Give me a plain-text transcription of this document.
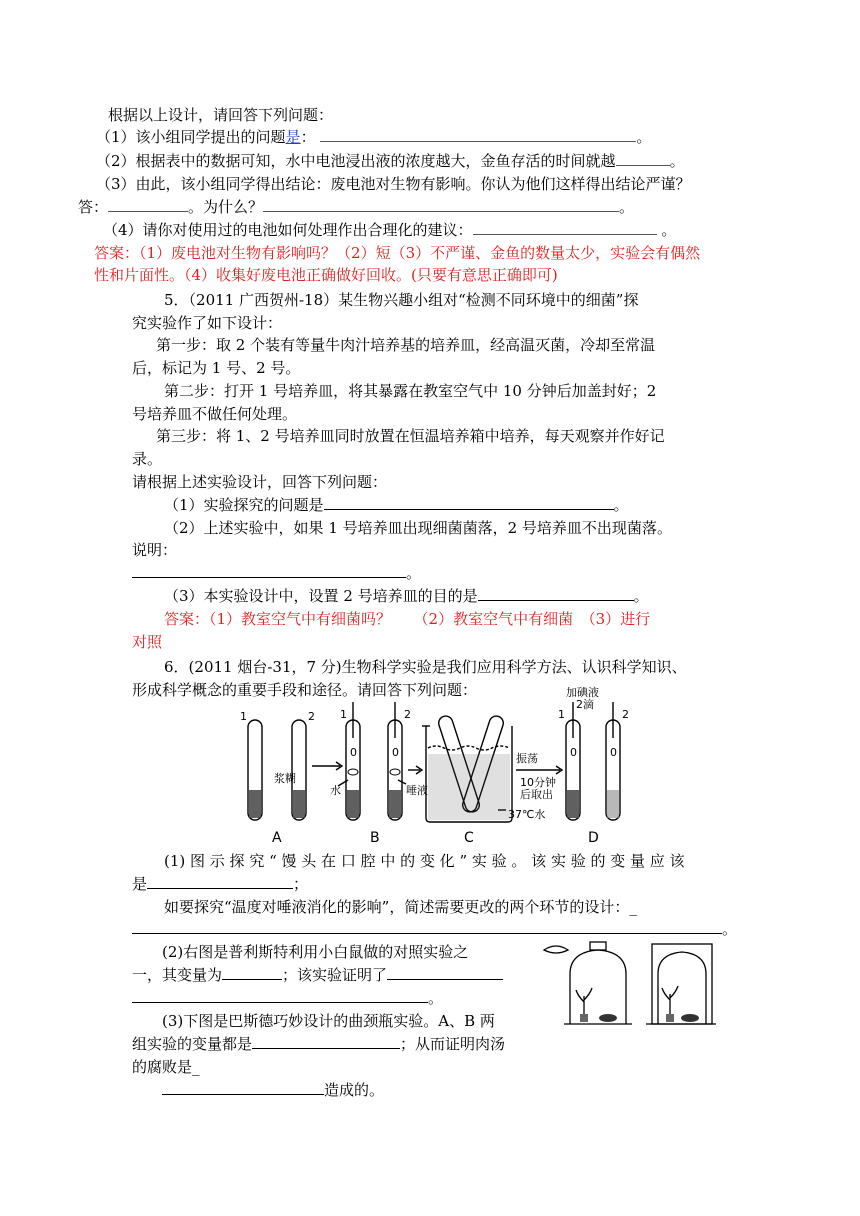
根据以上设计，请回答下列问题：
（1）该小组同学提出的问题是：	。
（2）根据表中的数据可知，水中电池浸出液的浓度越大，金鱼存活的时间就越	。
（3）由此，该小组同学得出结论：废电池对生物有影响。你认为他们这样得出结论严谨？
答：	。为什么？	。
（4）请你对使用过的电池如何处理作出合理化的建议：	。
答案：（1）废电池对生物有影响吗？（2）短（3）不严谨、金鱼的数量太少，实验会有偶然
性和片面性。（4）收集好废电池正确做好回收。(只要有意思正确即可)
5．（2011 广西贺州-18）某生物兴趣小组对“检测不同环境中的细菌”探
究实验作了如下设计：
第一步：取 2 个装有等量牛肉汁培养基的培养皿，经高温灭菌，冷却至常温
后，标记为 1 号、2 号。
第二步：打开 1 号培养皿，将其暴露在教室空气中 10 分钟后加盖封好；2
号培养皿不做任何处理。
第三步：将 1、2 号培养皿同时放置在恒温培养箱中培养，每天观察并作好记
录。
请根据上述实验设计，回答下列问题：
（1）实验探究的问题是	。
（2）上述实验中，如果 1 号培养皿出现细菌菌落，2 号培养皿不出现菌落。
说明：
。
（3）本实验设计中，设置 2 号培养皿的目的是	。
答案：（1）教室空气中有细菌吗？　　（2）教室空气中有细菌　（3）进行
对照
6．(2011 烟台-31，7 分)生物科学实验是我们应用科学方法、认识科学知识、
形成科学概念的重要手段和途径。请回答下列问题：
1	2 1	2
0	0
1	2
0	0
浆糊
水	唾液
振荡
10分钟
后取出
37℃水
加碘液
2滴
A	B	C	D
(1) 图 示 探 究 “ 馒 头 在 口 腔 中 的 变 化 ” 实 验 。 该 实 验 的 变 量 应 该
是	；
如要探究“温度对唾液消化的影响”，简述需要更改的两个环节的设计：_
。
(2)右图是普利斯特利用小白鼠做的对照实验之
一，其变量为	；该实验证明了
。
(3)下图是巴斯德巧妙设计的曲颈瓶实验。A、B 两
组实验的变量都是	；从而证明肉汤
的腐败是_
造成的。
